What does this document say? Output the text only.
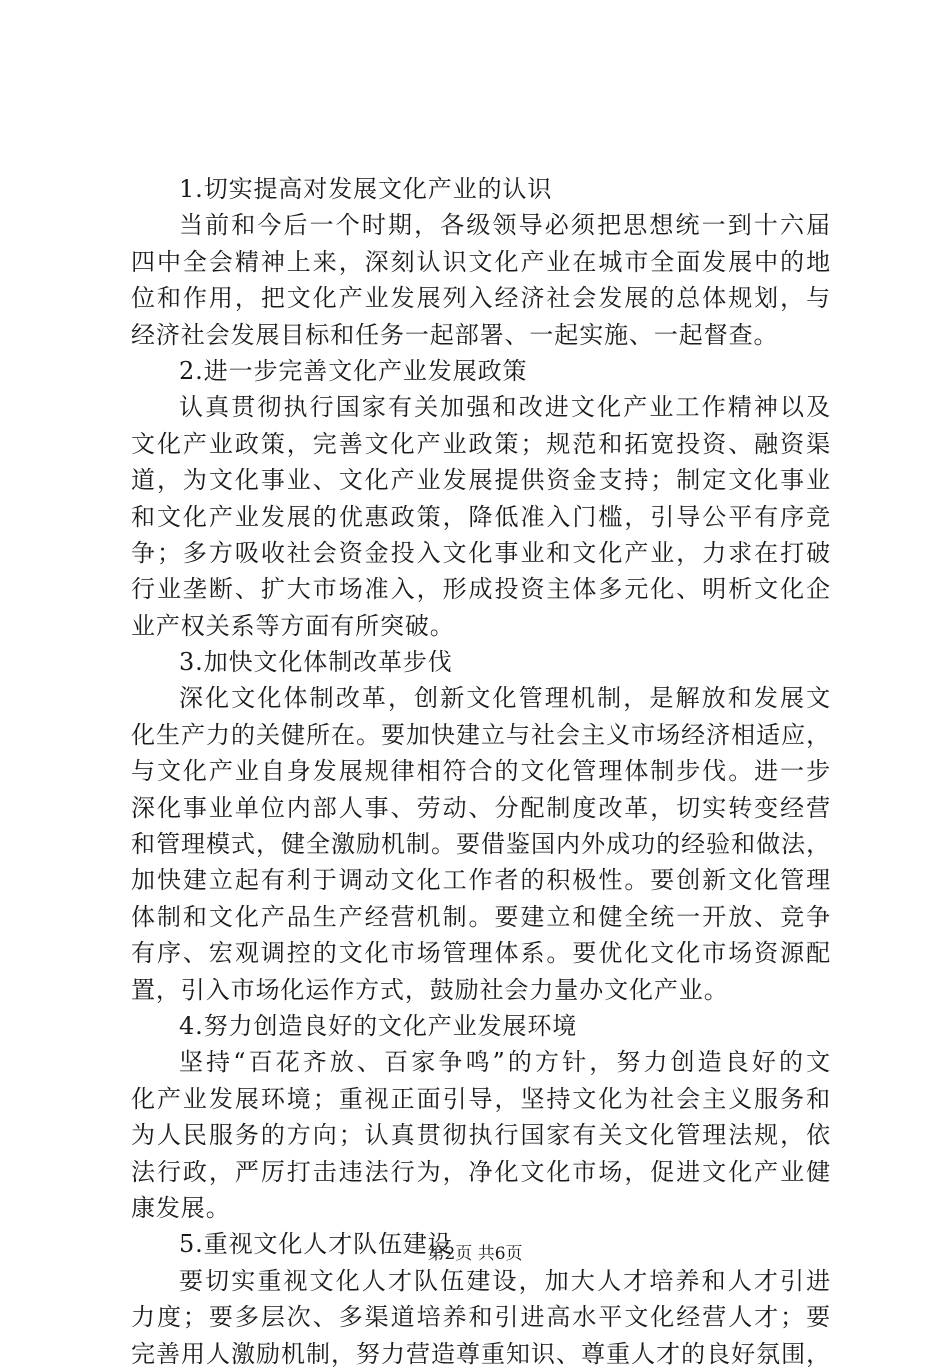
1.切实提高对发展文化产业的认识
当前和今后一个时期，各级领导必须把思想统一到十六届
四中全会精神上来，深刻认识文化产业在城市全面发展中的地
位和作用，把文化产业发展列入经济社会发展的总体规划，与
经济社会发展目标和任务一起部署、一起实施、一起督查。
2.进一步完善文化产业发展政策
认真贯彻执行国家有关加强和改进文化产业工作精神以及
文化产业政策，完善文化产业政策；规范和拓宽投资、融资渠
道，为文化事业、文化产业发展提供资金支持；制定文化事业
和文化产业发展的优惠政策，降低准入门槛，引导公平有序竞
争；多方吸收社会资金投入文化事业和文化产业，力求在打破
行业垄断、扩大市场准入，形成投资主体多元化、明析文化企
业产权关系等方面有所突破。
3.加快文化体制改革步伐
深化文化体制改革，创新文化管理机制，是解放和发展文
化生产力的关健所在。要加快建立与社会主义市场经济相适应，
与文化产业自身发展规律相符合的文化管理体制步伐。进一步
深化事业单位内部人事、劳动、分配制度改革，切实转变经营
和管理模式，健全激励机制。要借鉴国内外成功的经验和做法，
加快建立起有利于调动文化工作者的积极性。要创新文化管理
体制和文化产品生产经营机制。要建立和健全统一开放、竞争
有序、宏观调控的文化市场管理体系。要优化文化市场资源配
置，引入市场化运作方式，鼓励社会力量办文化产业。
4.努力创造良好的文化产业发展环境
坚持“百花齐放、百家争鸣”的方针，努力创造良好的文
化产业发展环境；重视正面引导，坚持文化为社会主义服务和
为人民服务的方向；认真贯彻执行国家有关文化管理法规，依
法行政，严厉打击违法行为，净化文化市场，促进文化产业健
康发展。
5.重视文化人才队伍建设
要切实重视文化人才队伍建设，加大人才培养和人才引进
力度；要多层次、多渠道培养和引进高水平文化经营人才；要
完善用人激励机制，努力营造尊重知识、尊重人才的良好氛围，
第2页 共6页
